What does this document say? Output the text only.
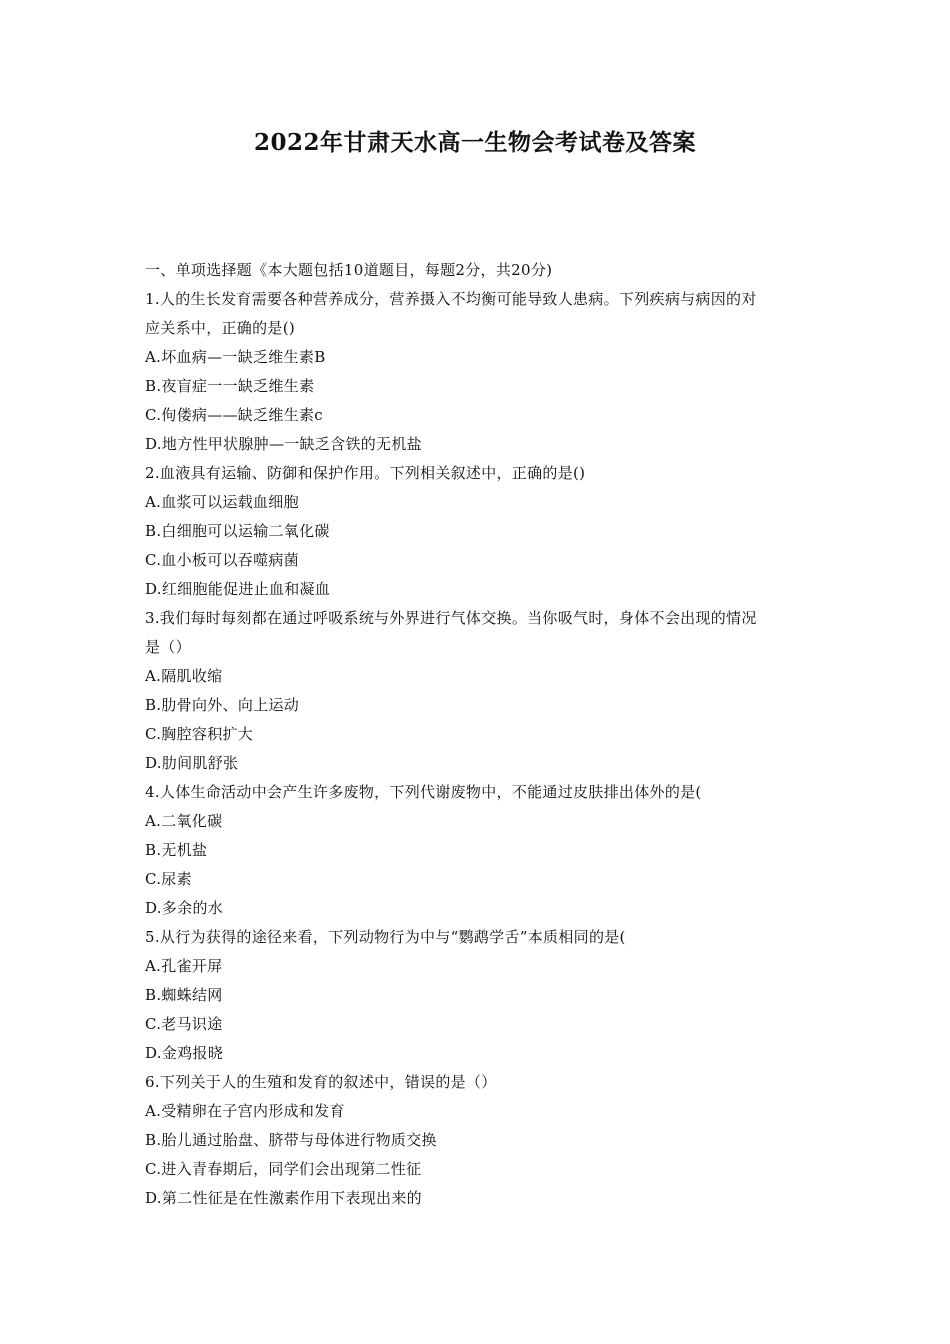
2022年甘肃天水高一生物会考试卷及答案

一、单项选择题《本大题包括10道题目，每题2分，共20分)

1.人的生长发育需要各种营养成分，营养摄入不均衡可能导致人患病。下列疾病与病因的对

应关系中，正确的是()

A.坏血病—一缺乏维生素B

B.夜盲症一一缺乏维生素

C.佝偻病——缺乏维生素c

D.地方性甲状腺肿—一缺乏含铁的无机盐

2.血液具有运输、防御和保护作用。下列相关叙述中，正确的是()

A.血浆可以运载血细胞

B.白细胞可以运输二氧化碳

C.血小板可以吞噬病菌

D.红细胞能促进止血和凝血

3.我们每时每刻都在通过呼吸系统与外界进行气体交换。当你吸气时，身体不会出现的情况

是（）

A.隔肌收缩

B.肋骨向外、向上运动

C.胸腔容积扩大

D.肋间肌舒张

4.人体生命活动中会产生许多废物，下列代谢废物中，不能通过皮肤排出体外的是(

A.二氧化碳

B.无机盐

C.尿素

D.多余的水

5.从行为获得的途径来看，下列动物行为中与“鹦鹉学舌”本质相同的是(

A.孔雀开屏

B.蜘蛛结网

C.老马识途

D.金鸡报晓

6.下列关于人的生殖和发育的叙述中，错误的是（）

A.受精卵在子宫内形成和发育

B.胎儿通过胎盘、脐带与母体进行物质交换

C.进入青春期后，同学们会出现第二性征

D.第二性征是在性激素作用下表现出来的
